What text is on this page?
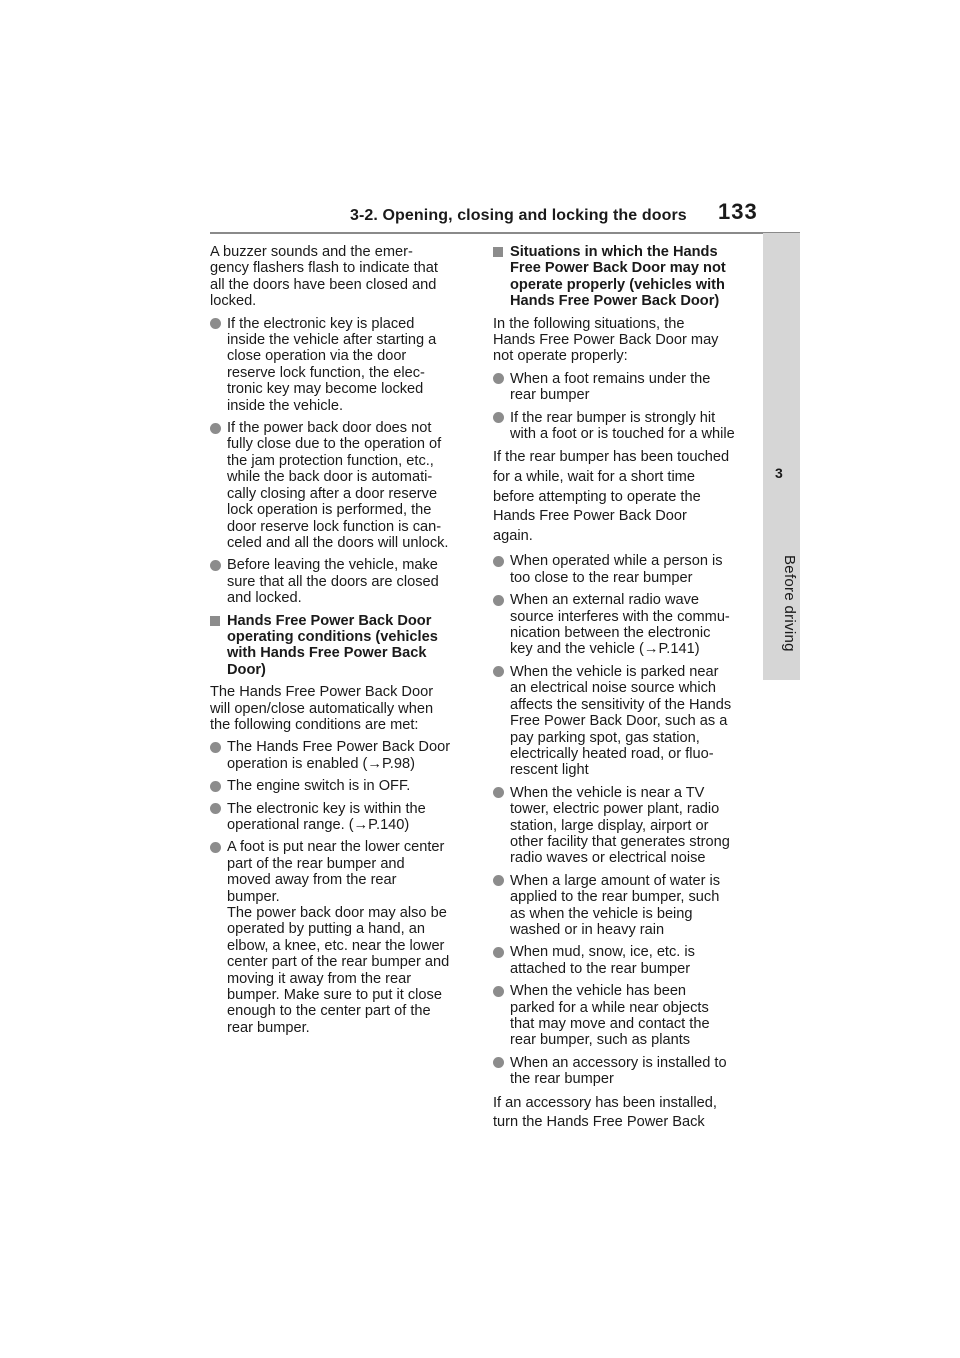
3-2. Opening, closing and locking the doors 133
3
Before driving

A buzzer sounds and the emer-
gency flashers flash to indicate that
all the doors have been closed and
locked.

If the electronic key is placed
inside the vehicle after starting a
close operation via the door
reserve lock function, the elec-
tronic key may become locked
inside the vehicle.

If the power back door does not
fully close due to the operation of
the jam protection function, etc.,
while the back door is automati-
cally closing after a door reserve
lock operation is performed, the
door reserve lock function is can-
celed and all the doors will unlock.

Before leaving the vehicle, make
sure that all the doors are closed
and locked.

Hands Free Power Back Door
operating conditions (vehicles
with Hands Free Power Back
Door)

The Hands Free Power Back Door
will open/close automatically when
the following conditions are met:

The Hands Free Power Back Door
operation is enabled (→P.98)

The engine switch is in OFF.

The electronic key is within the
operational range. (→P.140)

A foot is put near the lower center
part of the rear bumper and
moved away from the rear
bumper.
The power back door may also be
operated by putting a hand, an
elbow, a knee, etc. near the lower
center part of the rear bumper and
moving it away from the rear
bumper. Make sure to put it close
enough to the center part of the
rear bumper.

Situations in which the Hands
Free Power Back Door may not
operate properly (vehicles with
Hands Free Power Back Door)

In the following situations, the
Hands Free Power Back Door may
not operate properly:

When a foot remains under the
rear bumper

If the rear bumper is strongly hit
with a foot or is touched for a while

If the rear bumper has been touched
for a while, wait for a short time
before attempting to operate the
Hands Free Power Back Door
again.

When operated while a person is
too close to the rear bumper

When an external radio wave
source interferes with the commu-
nication between the electronic
key and the vehicle (→P.141)

When the vehicle is parked near
an electrical noise source which
affects the sensitivity of the Hands
Free Power Back Door, such as a
pay parking spot, gas station,
electrically heated road, or fluo-
rescent light

When the vehicle is near a TV
tower, electric power plant, radio
station, large display, airport or
other facility that generates strong
radio waves or electrical noise

When a large amount of water is
applied to the rear bumper, such
as when the vehicle is being
washed or in heavy rain

When mud, snow, ice, etc. is
attached to the rear bumper

When the vehicle has been
parked for a while near objects
that may move and contact the
rear bumper, such as plants

When an accessory is installed to
the rear bumper

If an accessory has been installed,
turn the Hands Free Power Back
